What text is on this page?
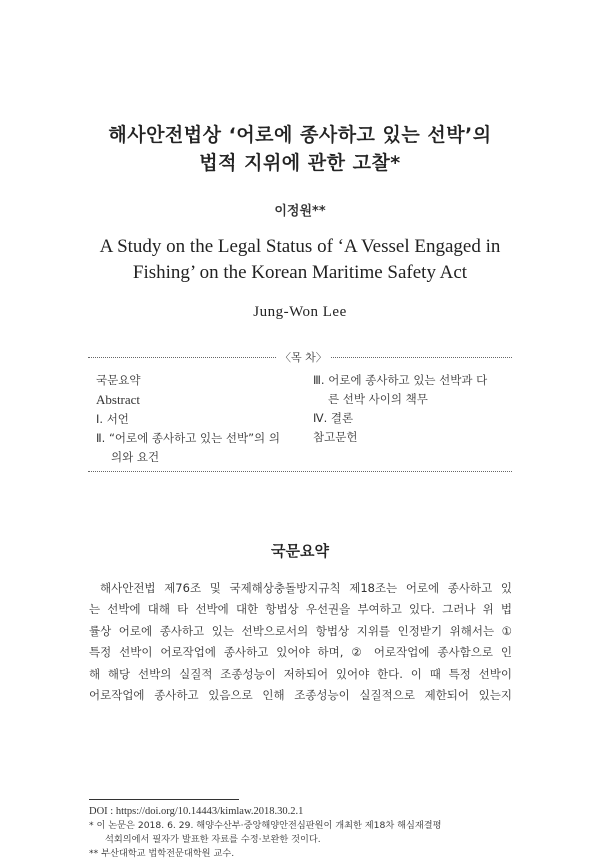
해사안전법상 ‘어로에 종사하고 있는 선박’의
법적 지위에 관한 고찰*
이정원**
A Study on the Legal Status of ‘A Vessel Engaged in
Fishing’ on the Korean Maritime Safety Act
Jung-Won Lee
〈목 차〉
국문요약
Abstract
Ⅰ. 서언
Ⅱ. “어로에 종사하고 있는 선박”의 의
의와 요건
Ⅲ. 어로에 종사하고 있는 선박과 다
른 선박 사이의 책무
Ⅳ. 결론
참고문헌
국문요약
해사안전법 제76조 및 국제해상충돌방지규칙 제18조는 어로에 종사하고 있
는 선박에 대해 타 선박에 대한 항법상 우선권을 부여하고 있다. 그러나 위 법
률상 어로에 종사하고 있는 선박으로서의 항법상 지위를 인정받기 위해서는 ①
특정 선박이 어로작업에 종사하고 있어야 하며, ② 어로작업에 종사함으로 인
해 해당 선박의 실질적 조종성능이 저하되어 있어야 한다. 이 때 특정 선박이
어로작업에 종사하고 있음으로 인해 조종성능이 실질적으로 제한되어 있는지
DOI : https://doi.org/10.14443/kimlaw.2018.30.2.1
* 이 논문은 2018. 6. 29. 해양수산부·중앙해양안전심판원이 개최한 제18차 해심재결평
석회의에서 필자가 발표한 자료를 수정·보완한 것이다.
** 부산대학교 법학전문대학원 교수.
